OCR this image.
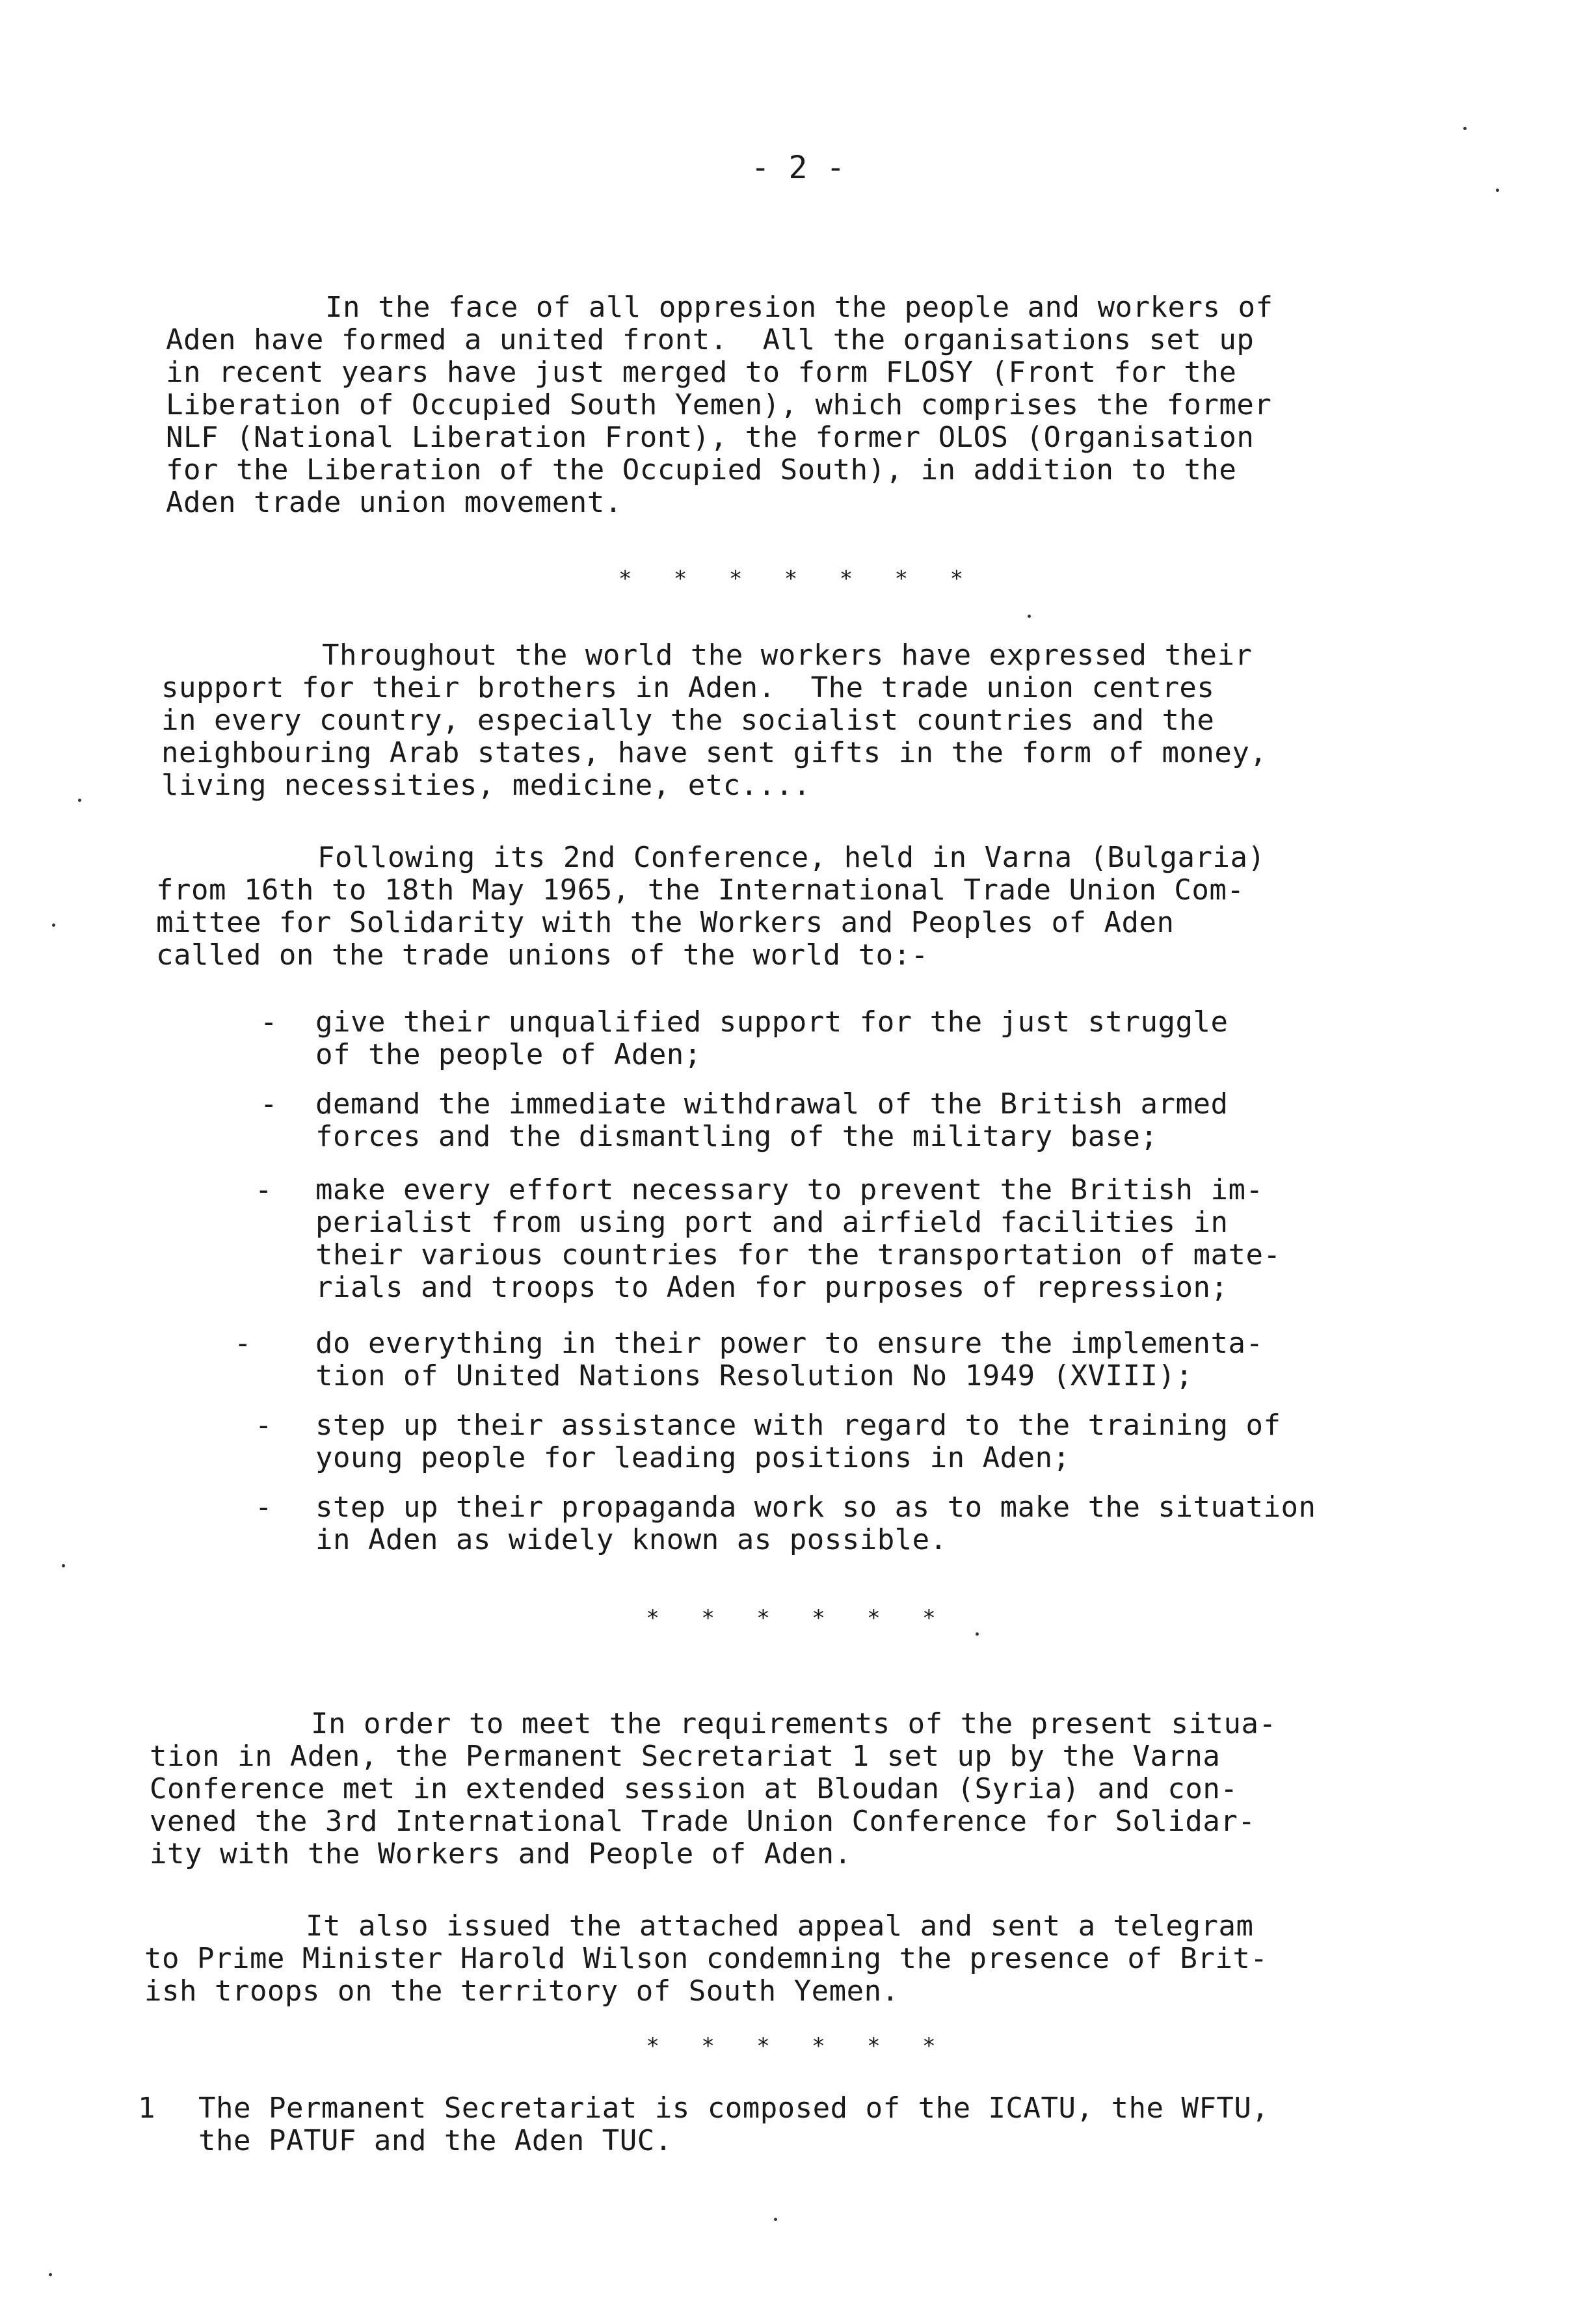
- 2 -
In the face of all oppresion the people and workers of
Aden have formed a united front.  All the organisations set up
in recent years have just merged to form FLOSY (Front for the
Liberation of Occupied South Yemen), which comprises the former
NLF (National Liberation Front), the former OLOS (Organisation
for the Liberation of the Occupied South), in addition to the
Aden trade union movement.
* * * * * * *
Throughout the world the workers have expressed their
support for their brothers in Aden.  The trade union centres
in every country, especially the socialist countries and the
neighbouring Arab states, have sent gifts in the form of money,
living necessities, medicine, etc....
Following its 2nd Conference, held in Varna (Bulgaria)
from 16th to 18th May 1965, the International Trade Union Com-
mittee for Solidarity with the Workers and Peoples of Aden
called on the trade unions of the world to:-
- give their unqualified support for the just struggle
of the people of Aden;
- demand the immediate withdrawal of the British armed
forces and the dismantling of the military base;
- make every effort necessary to prevent the British im-
perialist from using port and airfield facilities in
their various countries for the transportation of mate-
rials and troops to Aden for purposes of repression;
- do everything in their power to ensure the implementa-
tion of United Nations Resolution No 1949 (XVIII);
- step up their assistance with regard to the training of
young people for leading positions in Aden;
- step up their propaganda work so as to make the situation
in Aden as widely known as possible.
* * * * * *
In order to meet the requirements of the present situa-
tion in Aden, the Permanent Secretariat 1 set up by the Varna
Conference met in extended session at Bloudan (Syria) and con-
vened the 3rd International Trade Union Conference for Solidar-
ity with the Workers and People of Aden.
It also issued the attached appeal and sent a telegram
to Prime Minister Harold Wilson condemning the presence of Brit-
ish troops on the territory of South Yemen.
* * * * * *
1 The Permanent Secretariat is composed of the ICATU, the WFTU,
the PATUF and the Aden TUC.
